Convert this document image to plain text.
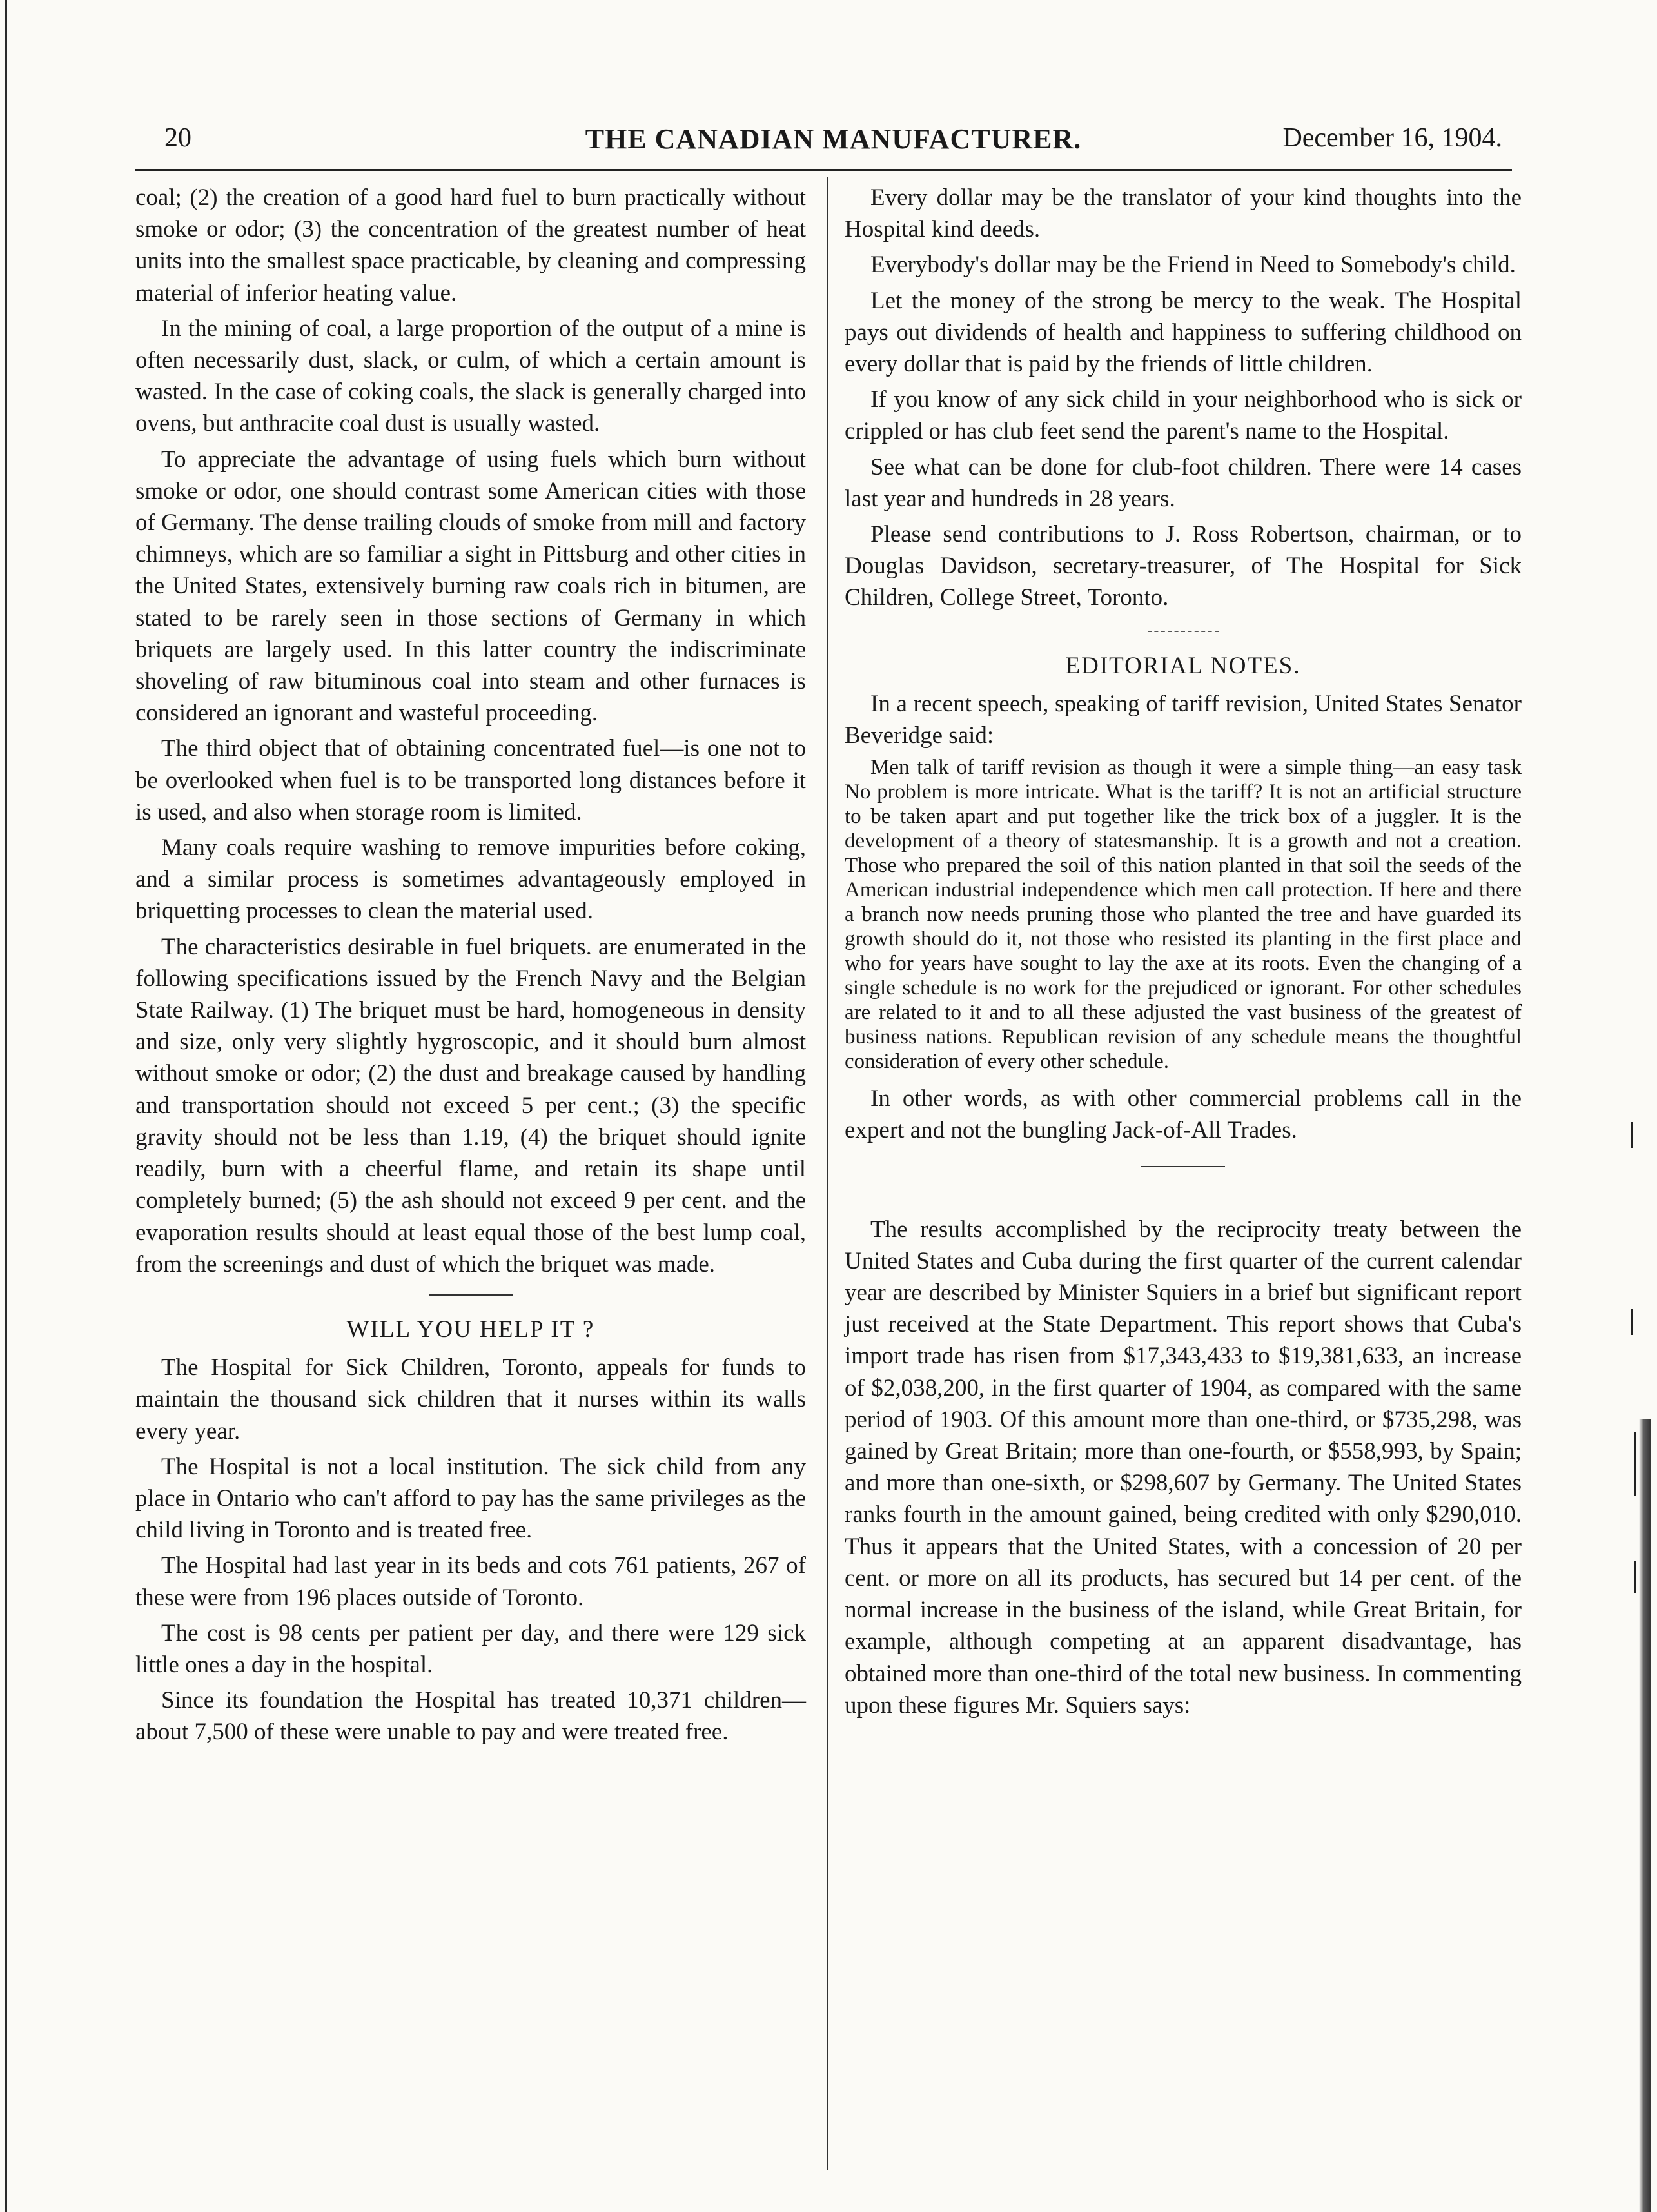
20	THE CANADIAN MANUFACTURER.	December 16, 1904.

coal; (2) the creation of a good hard fuel to burn practically without smoke or odor; (3) the concentration of the greatest number of heat units into the smallest space practicable, by cleaning and compressing material of inferior heating value.

In the mining of coal, a large proportion of the output of a mine is often necessarily dust, slack, or culm, of which a certain amount is wasted. In the case of coking coals, the slack is generally charged into ovens, but anthracite coal dust is usually wasted.

To appreciate the advantage of using fuels which burn without smoke or odor, one should contrast some American cities with those of Germany. The dense trailing clouds of smoke from mill and factory chimneys, which are so familiar a sight in Pittsburg and other cities in the United States, extensively burning raw coals rich in bitumen, are stated to be rarely seen in those sections of Germany in which briquets are largely used. In this latter country the indiscriminate shoveling of raw bituminous coal into steam and other furnaces is considered an ignorant and wasteful proceeding.

The third object that of obtaining concentrated fuel—is one not to be overlooked when fuel is to be transported long distances before it is used, and also when storage room is limited.

Many coals require washing to remove impurities before coking, and a similar process is sometimes advantageously employed in briquetting processes to clean the material used.

The characteristics desirable in fuel briquets. are enumerated in the following specifications issued by the French Navy and the Belgian State Railway. (1) The briquet must be hard, homogeneous in density and size, only very slightly hygroscopic, and it should burn almost without smoke or odor; (2) the dust and breakage caused by handling and transportation should not exceed 5 per cent.; (3) the specific gravity should not be less than 1.19, (4) the briquet should ignite readily, burn with a cheerful flame, and retain its shape until completely burned; (5) the ash should not exceed 9 per cent. and the evaporation results should at least equal those of the best lump coal, from the screenings and dust of which the briquet was made.

WILL YOU HELP IT ?

The Hospital for Sick Children, Toronto, appeals for funds to maintain the thousand sick children that it nurses within its walls every year.

The Hospital is not a local institution. The sick child from any place in Ontario who can't afford to pay has the same privileges as the child living in Toronto and is treated free.

The Hospital had last year in its beds and cots 761 patients, 267 of these were from 196 places outside of Toronto.

The cost is 98 cents per patient per day, and there were 129 sick little ones a day in the hospital.

Since its foundation the Hospital has treated 10,371 children—about 7,500 of these were unable to pay and were treated free.

Every dollar may be the translator of your kind thoughts into the Hospital kind deeds.

Everybody's dollar may be the Friend in Need to Somebody's child.

Let the money of the strong be mercy to the weak. The Hospital pays out dividends of health and happiness to suffering childhood on every dollar that is paid by the friends of little children.

If you know of any sick child in your neighborhood who is sick or crippled or has club feet send the parent's name to the Hospital.

See what can be done for club-foot children. There were 14 cases last year and hundreds in 28 years.

Please send contributions to J. Ross Robertson, chairman, or to Douglas Davidson, secretary-treasurer, of The Hospital for Sick Children, College Street, Toronto.

EDITORIAL NOTES.

In a recent speech, speaking of tariff revision, United States Senator Beveridge said:

Men talk of tariff revision as though it were a simple thing—an easy task No problem is more intricate. What is the tariff? It is not an artificial structure to be taken apart and put together like the trick box of a juggler. It is the development of a theory of statesmanship. It is a growth and not a creation. Those who prepared the soil of this nation planted in that soil the seeds of the American industrial independence which men call protection. If here and there a branch now needs pruning those who planted the tree and have guarded its growth should do it, not those who resisted its planting in the first place and who for years have sought to lay the axe at its roots. Even the changing of a single schedule is no work for the prejudiced or ignorant. For other schedules are related to it and to all these adjusted the vast business of the greatest of business nations. Republican revision of any schedule means the thoughtful consideration of every other schedule.

In other words, as with other commercial problems call in the expert and not the bungling Jack-of-All Trades.

The results accomplished by the reciprocity treaty between the United States and Cuba during the first quarter of the current calendar year are described by Minister Squiers in a brief but significant report just received at the State Department. This report shows that Cuba's import trade has risen from $17,343,433 to $19,381,633, an increase of $2,038,200, in the first quarter of 1904, as compared with the same period of 1903. Of this amount more than one-third, or $735,298, was gained by Great Britain; more than one-fourth, or $558,993, by Spain; and more than one-sixth, or $298,607 by Germany. The United States ranks fourth in the amount gained, being credited with only $290,010. Thus it appears that the United States, with a concession of 20 per cent. or more on all its products, has secured but 14 per cent. of the normal increase in the business of the island, while Great Britain, for example, although competing at an apparent disadvantage, has obtained more than one-third of the total new business. In commenting upon these figures Mr. Squiers says:
